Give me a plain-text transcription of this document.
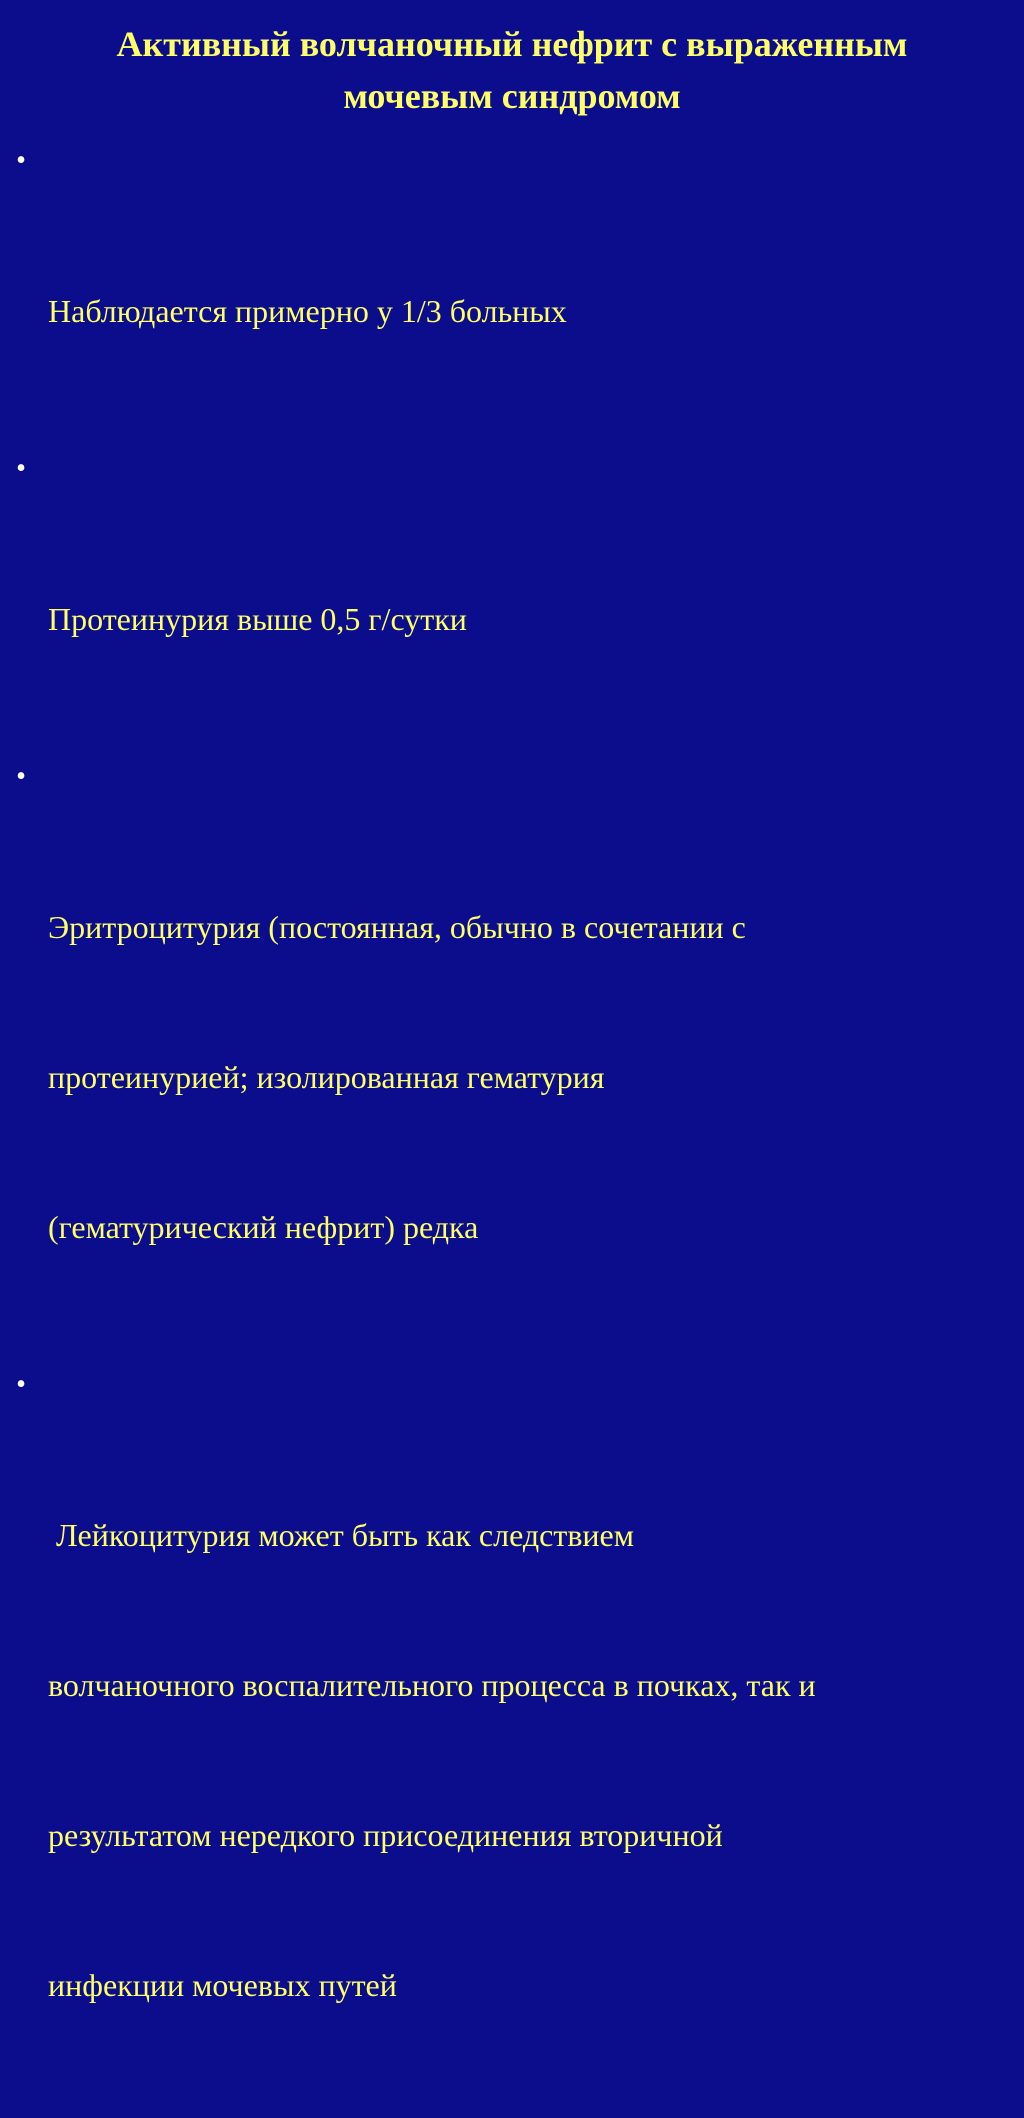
Активный волчаночный нефрит с выраженным
мочевым синдромом

•

Наблюдается примерно у 1/3 больных

•

Протеинурия выше 0,5 г/сутки

•

Эритроцитурия (постоянная, обычно в сочетании с

протеинурией; изолированная гематурия

(гематурический нефрит) редка

•

Лейкоцитурия может быть как следствием

волчаночного воспалительного процесса в почках, так и

результатом нередкого присоединения вторичной

инфекции мочевых путей
